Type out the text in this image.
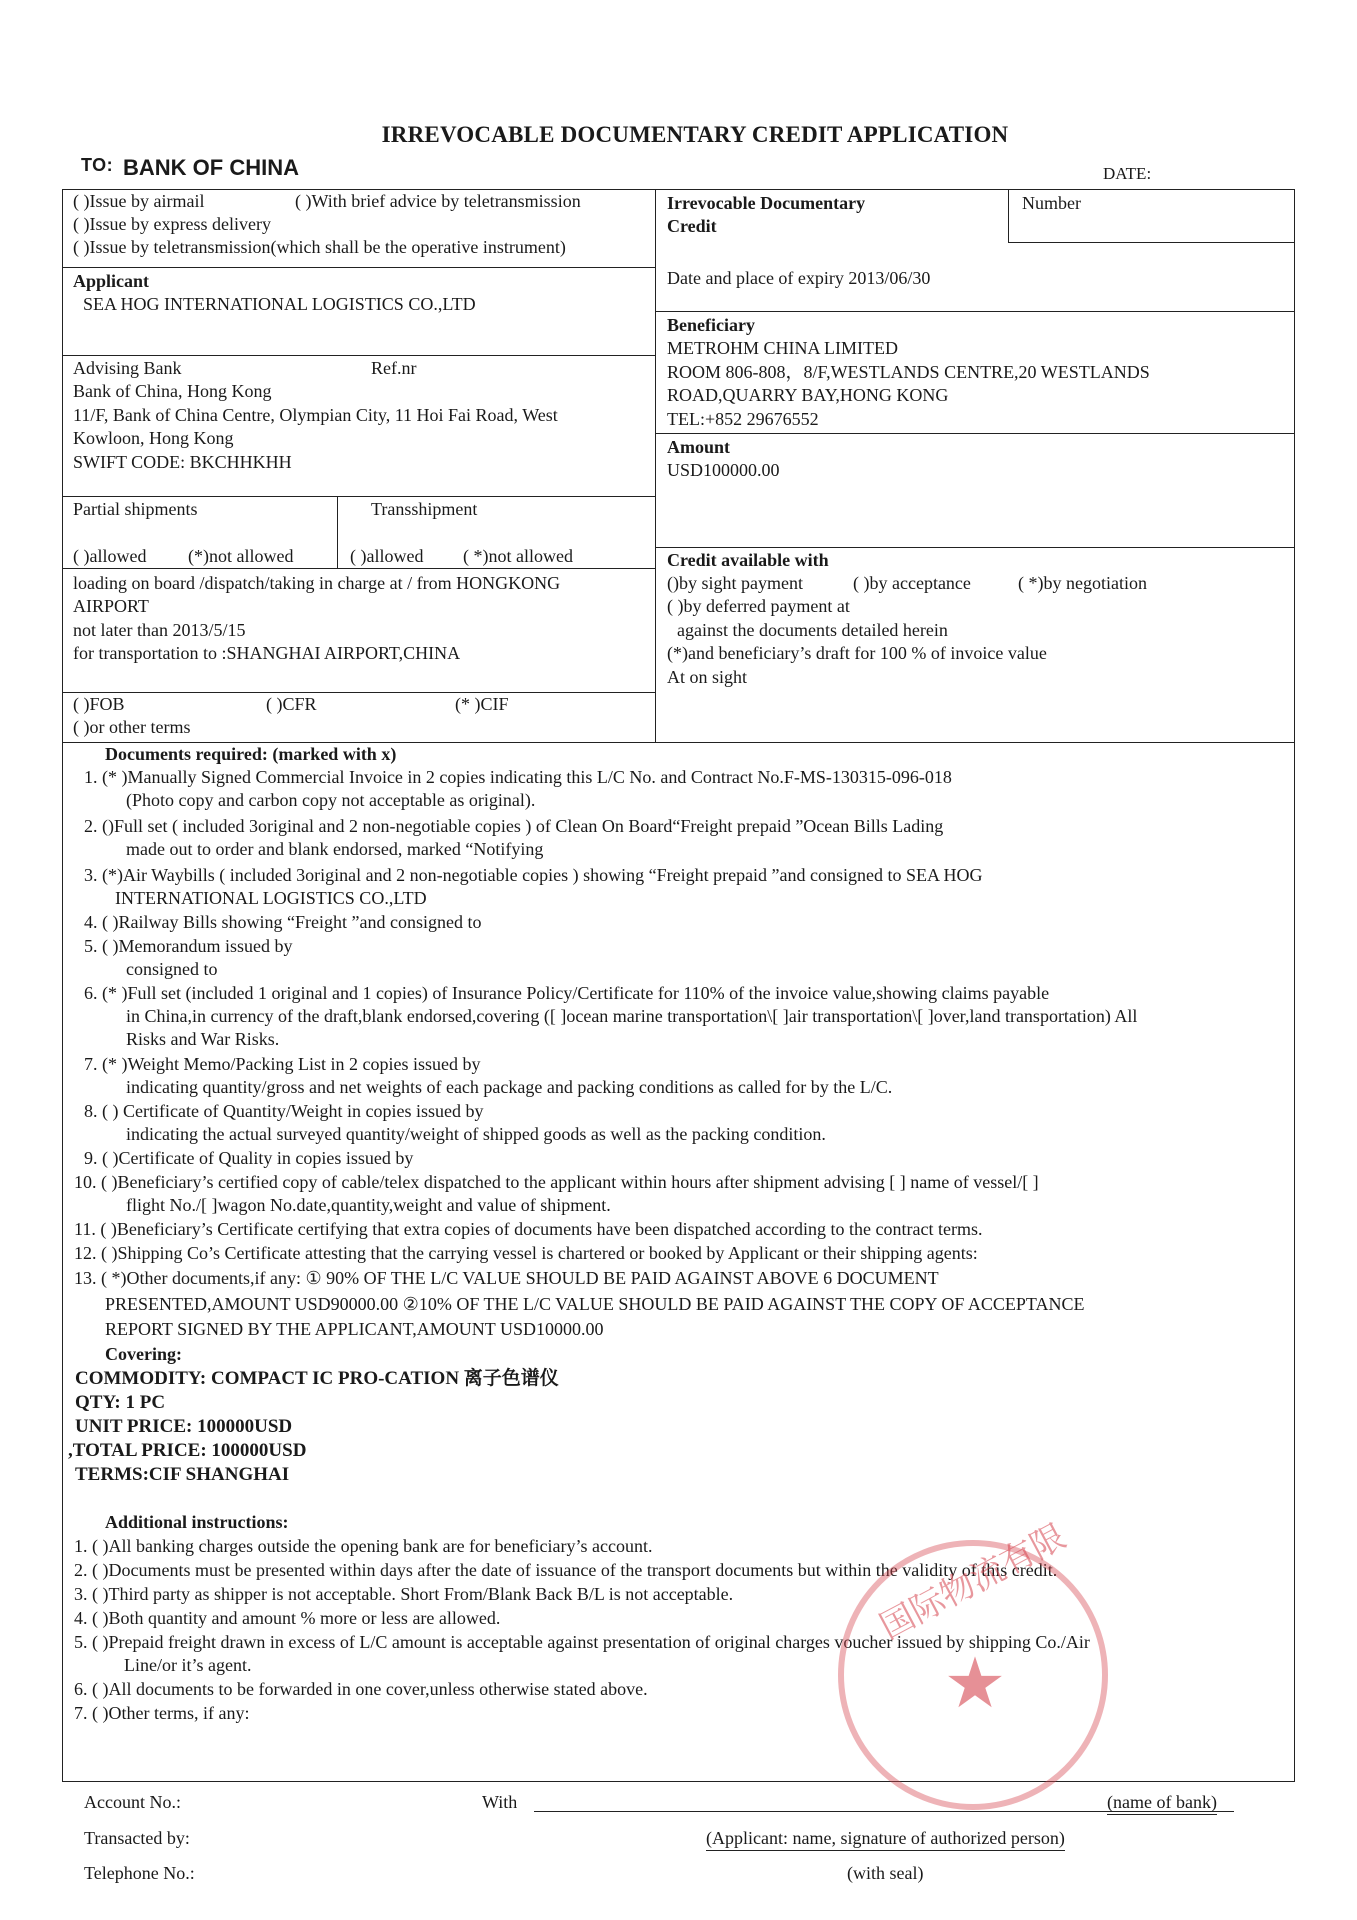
IRREVOCABLE DOCUMENTARY CREDIT APPLICATION
TO: BANK OF CHINA	DATE:
( )Issue by airmail	( )With brief advice by teletransmission
( )Issue by express delivery
( )Issue by teletransmission(which shall be the operative instrument)
Irrevocable Documentary
Credit
Number
Date and place of expiry 2013/06/30
Applicant
SEA HOG INTERNATIONAL LOGISTICS CO.,LTD
Beneficiary
METROHM CHINA LIMITED
ROOM 806-808，8/F,WESTLANDS CENTRE,20 WESTLANDS
ROAD,QUARRY BAY,HONG KONG
TEL:+852 29676552
Advising Bank	Ref.nr
Bank of China, Hong Kong
11/F, Bank of China Centre, Olympian City, 11 Hoi Fai Road, West
Kowloon, Hong Kong
SWIFT CODE: BKCHHKHH
Amount
USD100000.00
Partial shipments	Transshipment
( )allowed (*)not allowed	( )allowed ( *)not allowed
loading on board /dispatch/taking in charge at / from HONGKONG
AIRPORT
not later than 2013/5/15
for transportation to :SHANGHAI AIRPORT,CHINA
Credit available with
()by sight payment	( )by acceptance	( *)by negotiation
( )by deferred payment at
against the documents detailed herein
(*)and beneficiary’s draft for 100 % of invoice value
At on sight
( )FOB	( )CFR	(* )CIF
( )or other terms
Documents required: (marked with x)
1. (* )Manually Signed Commercial Invoice in 2 copies indicating this L/C No. and Contract No.F-MS-130315-096-018
(Photo copy and carbon copy not acceptable as original).
2. ()Full set ( included 3original and 2 non-negotiable copies ) of Clean On Board“Freight prepaid ”Ocean Bills Lading
made out to order and blank endorsed, marked “Notifying
3. (*)Air Waybills ( included 3original and 2 non-negotiable copies ) showing “Freight prepaid ”and consigned to SEA HOG
INTERNATIONAL LOGISTICS CO.,LTD
4. ( )Railway Bills showing “Freight ”and consigned to
5. ( )Memorandum issued by
consigned to
6. (* )Full set (included 1 original and 1 copies) of Insurance Policy/Certificate for 110% of the invoice value,showing claims payable
in China,in currency of the draft,blank endorsed,covering ([ ]ocean marine transportation\[ ]air transportation\[ ]over,land transportation) All
Risks and War Risks.
7. (* )Weight Memo/Packing List in 2 copies issued by
indicating quantity/gross and net weights of each package and packing conditions as called for by the L/C.
8. ( ) Certificate of Quantity/Weight in copies issued by
indicating the actual surveyed quantity/weight of shipped goods as well as the packing condition.
9. ( )Certificate of Quality in copies issued by
10. ( )Beneficiary’s certified copy of cable/telex dispatched to the applicant within hours after shipment advising [ ] name of vessel/[ ]
flight No./[ ]wagon No.date,quantity,weight and value of shipment.
11. ( )Beneficiary’s Certificate certifying that extra copies of documents have been dispatched according to the contract terms.
12. ( )Shipping Co’s Certificate attesting that the carrying vessel is chartered or booked by Applicant or their shipping agents:
13. ( *)Other documents,if any: ① 90% OF THE L/C VALUE SHOULD BE PAID AGAINST ABOVE 6 DOCUMENT
PRESENTED,AMOUNT USD90000.00 ②10% OF THE L/C VALUE SHOULD BE PAID AGAINST THE COPY OF ACCEPTANCE
REPORT SIGNED BY THE APPLICANT,AMOUNT USD10000.00
Covering:
COMMODITY: COMPACT IC PRO-CATION 离子色谱仪
QTY: 1 PC
UNIT PRICE: 100000USD
,TOTAL PRICE: 100000USD
TERMS:CIF SHANGHAI
Additional instructions:
1. ( )All banking charges outside the opening bank are for beneficiary’s account.
2. ( )Documents must be presented within days after the date of issuance of the transport documents but within the validity of this credit.
3. ( )Third party as shipper is not acceptable. Short From/Blank Back B/L is not acceptable.
4. ( )Both quantity and amount % more or less are allowed.
5. ( )Prepaid freight drawn in excess of L/C amount is acceptable against presentation of original charges voucher issued by shipping Co./Air
Line/or it’s agent.
6. ( )All documents to be forwarded in one cover,unless otherwise stated above.
7. ( )Other terms, if any:
国际物流有限
★
Account No.:	With	(name of bank)
Transacted by:	(Applicant: name, signature of authorized person)
Telephone No.:	(with seal)
